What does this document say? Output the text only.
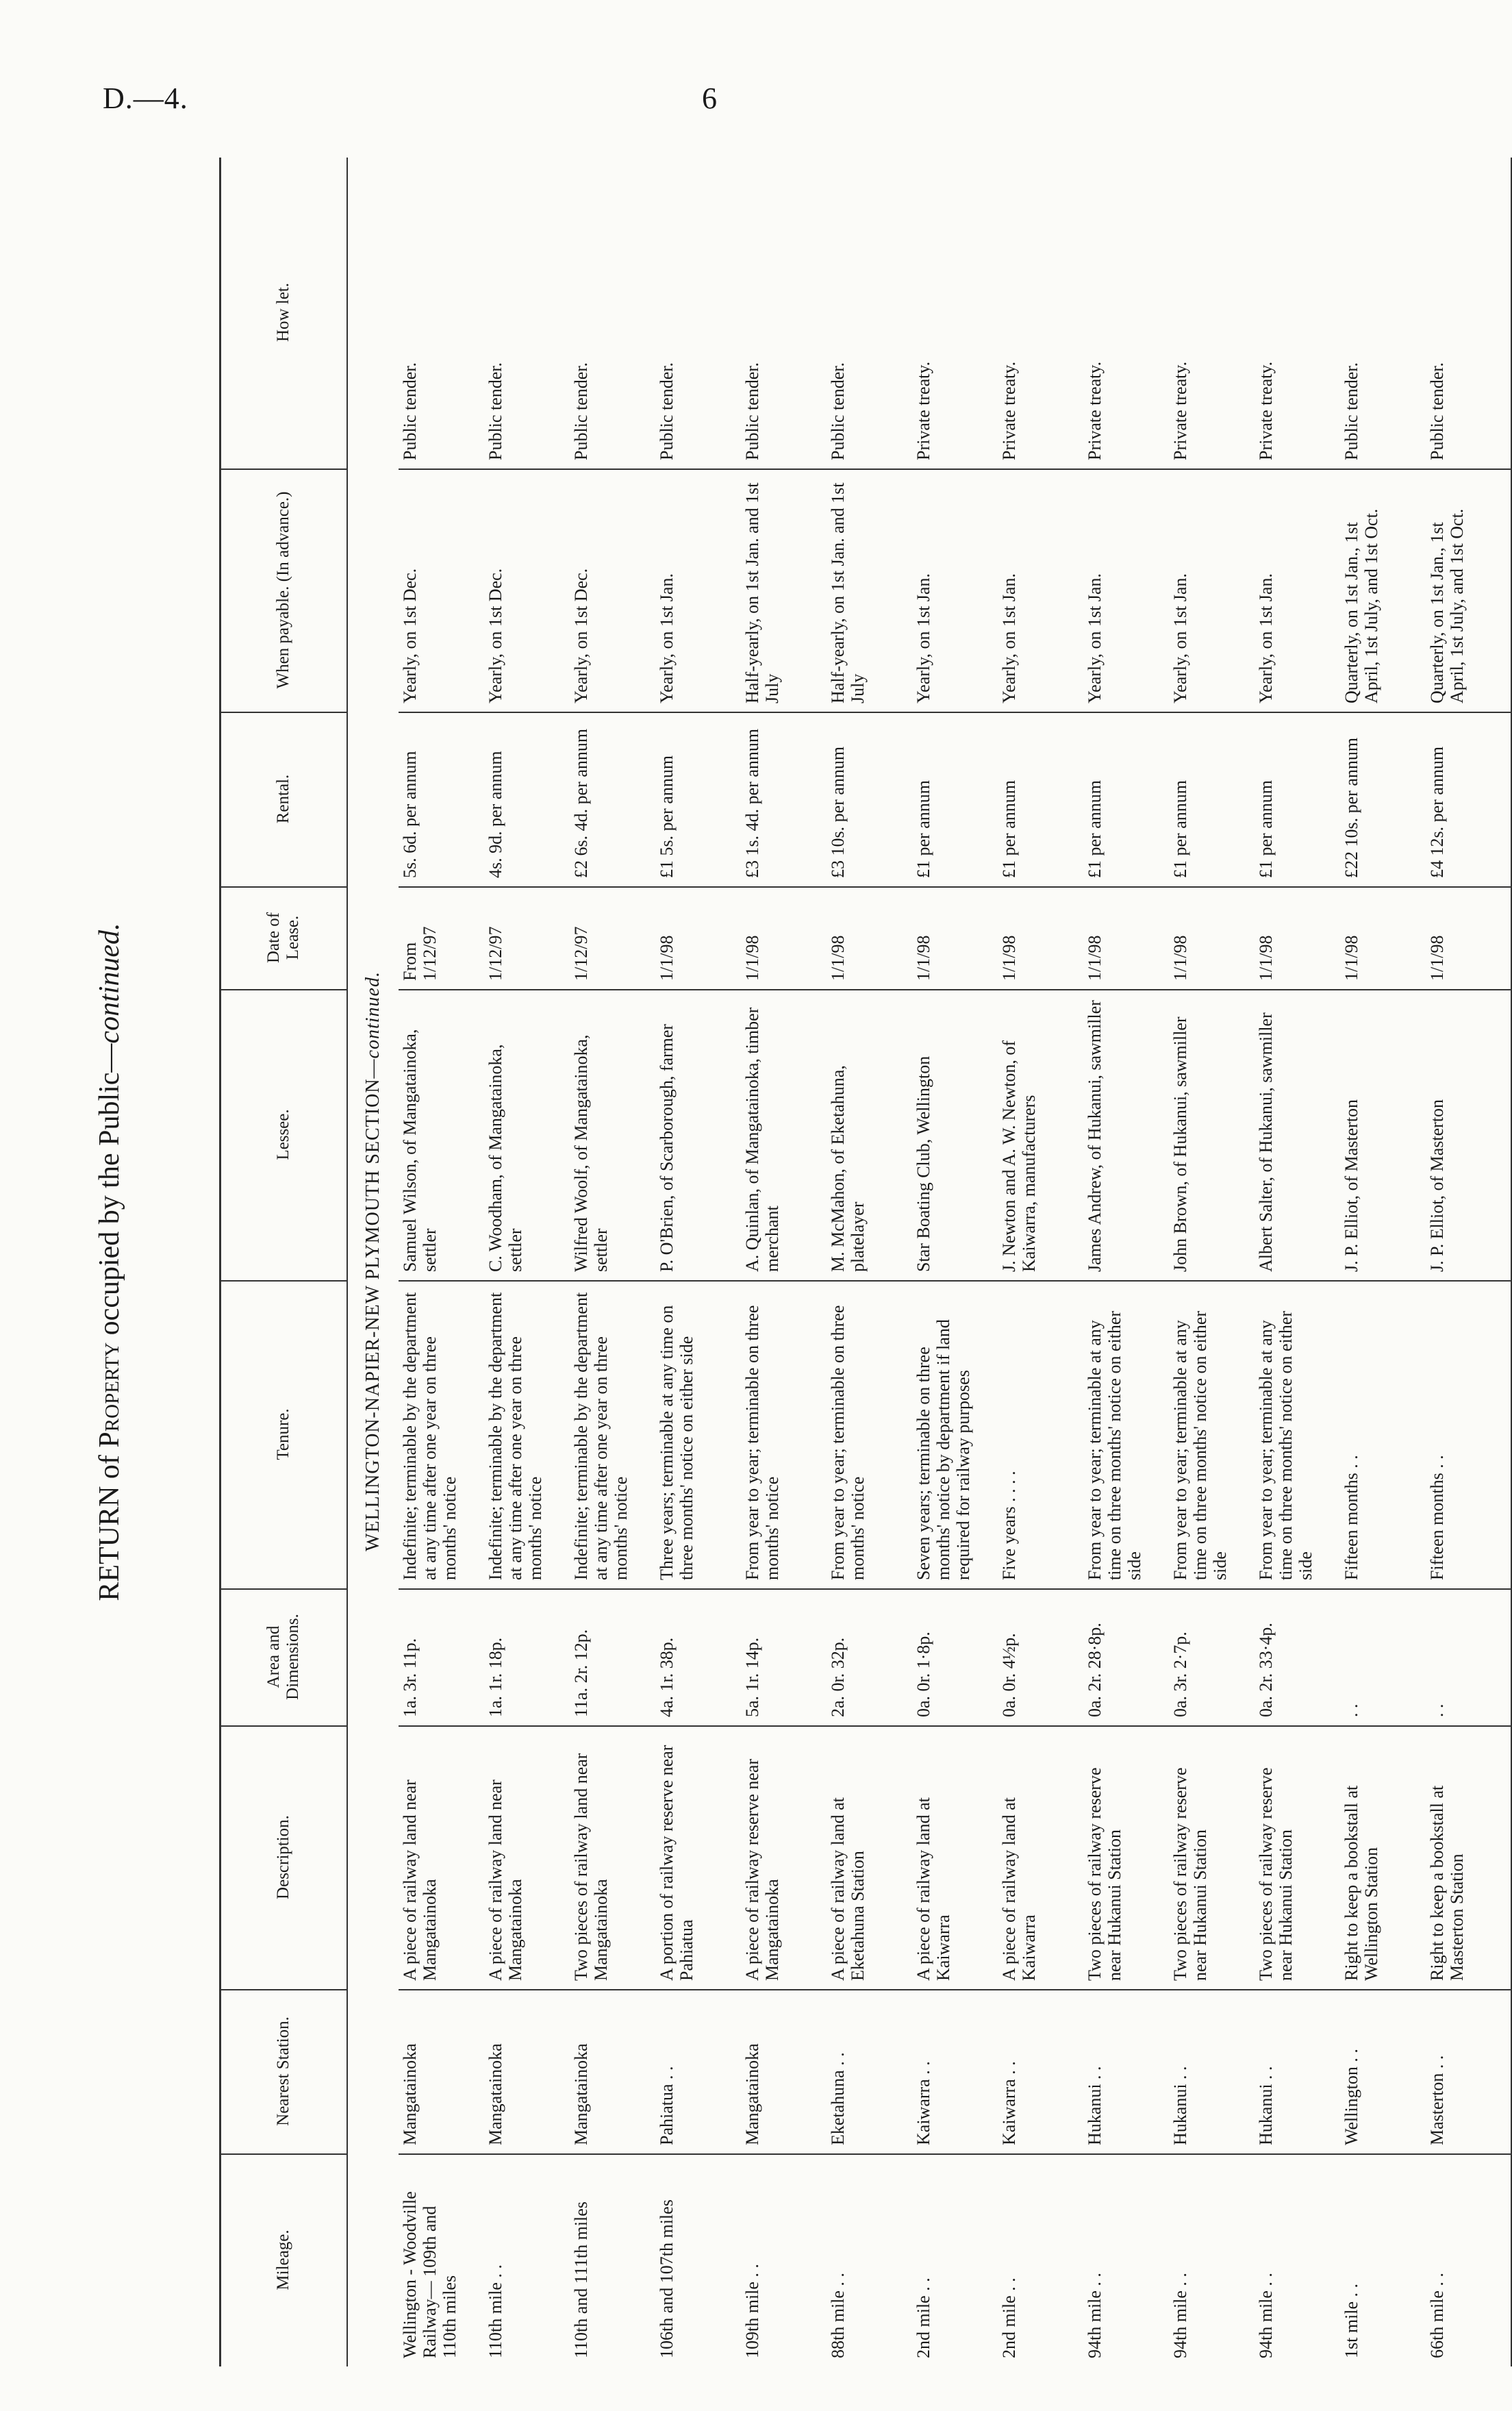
D.—4.	6
RETURN of Property occupied by the Public—continued.
Mileage.	Nearest Station.	Description.	Area and Dimensions.	Tenure.	Lessee.	Date of Lease.	Rental.	When payable. (In advance.)	How let.
WELLINGTON-NAPIER-NEW PLYMOUTH SECTION—continued.									
Wellington - Woodville Railway— 109th and 110th miles	Mangatainoka	A piece of railway land near Mangatainoka	1a. 3r. 11p.	Indefinite; terminable by the department at any time after one year on three months' notice	Samuel Wilson, of Mangatainoka, settler	From 1/12/97	5s. 6d. per annum	Yearly, on 1st Dec.	Public tender.
110th mile . .	Mangatainoka	A piece of railway land near Mangatainoka	1a. 1r. 18p.	Indefinite; terminable by the department at any time after one year on three months' notice	C. Woodham, of Mangatainoka, settler	1/12/97	4s. 9d. per annum	Yearly, on 1st Dec.	Public tender.
110th and 111th miles	Mangatainoka	Two pieces of railway land near Mangatainoka	11a. 2r. 12p.	Indefinite; terminable by the department at any time after one year on three months' notice	Wilfred Woolf, of Mangatainoka, settler	1/12/97	£2 6s. 4d. per annum	Yearly, on 1st Dec.	Public tender.
106th and 107th miles	Pahiatua . .	A portion of railway reserve near Pahiatua	4a. 1r. 38p.	Three years; terminable at any time on three months' notice on either side	P. O'Brien, of Scarborough, farmer	1/1/98	£1 5s. per annum	Yearly, on 1st Jan.	Public tender.
109th mile . .	Mangatainoka	A piece of railway reserve near Mangatainoka	5a. 1r. 14p.	From year to year; terminable on three months' notice	A. Quinlan, of Mangatainoka, timber merchant	1/1/98	£3 1s. 4d. per annum	Half-yearly, on 1st Jan. and 1st July	Public tender.
88th mile . .	Eketahuna . .	A piece of railway land at Eketahuna Station	2a. 0r. 32p.	From year to year; terminable on three months' notice	M. McMahon, of Eketahuna, platelayer	1/1/98	£3 10s. per annum	Half-yearly, on 1st Jan. and 1st July	Public tender.
2nd mile . .	Kaiwarra . .	A piece of railway land at Kaiwarra	0a. 0r. 1·8p.	Seven years; terminable on three months' notice by department if land required for railway purposes	Star Boating Club, Wellington	1/1/98	£1 per annum	Yearly, on 1st Jan.	Private treaty.
2nd mile . .	Kaiwarra . .	A piece of railway land at Kaiwarra	0a. 0r. 4½p.	Five years . . . .	J. Newton and A. W. Newton, of Kaiwarra, manufacturers	1/1/98	£1 per annum	Yearly, on 1st Jan.	Private treaty.
94th mile . .	Hukanui . .	Two pieces of railway reserve near Hukanui Station	0a. 2r. 28·8p.	From year to year; terminable at any time on three months' notice on either side	James Andrew, of Hukanui, sawmiller	1/1/98	£1 per annum	Yearly, on 1st Jan.	Private treaty.
94th mile . .	Hukanui . .	Two pieces of railway reserve near Hukanui Station	0a. 3r. 2·7p.	From year to year; terminable at any time on three months' notice on either side	John Brown, of Hukanui, sawmiller	1/1/98	£1 per annum	Yearly, on 1st Jan.	Private treaty.
94th mile . .	Hukanui . .	Two pieces of railway reserve near Hukanui Station	0a. 2r. 33·4p.	From year to year; terminable at any time on three months' notice on either side	Albert Salter, of Hukanui, sawmiller	1/1/98	£1 per annum	Yearly, on 1st Jan.	Private treaty.
1st mile . .	Wellington . .	Right to keep a bookstall at Wellington Station	. .	Fifteen months . .	J. P. Elliot, of Masterton	1/1/98	£22 10s. per annum	Quarterly, on 1st Jan., 1st April, 1st July, and 1st Oct.	Public tender.
66th mile . .	Masterton . .	Right to keep a bookstall at Masterton Station	. .	Fifteen months . .	J. P. Elliot, of Masterton	1/1/98	£4 12s. per annum	Quarterly, on 1st Jan., 1st April, 1st July, and 1st Oct.	Public tender.
